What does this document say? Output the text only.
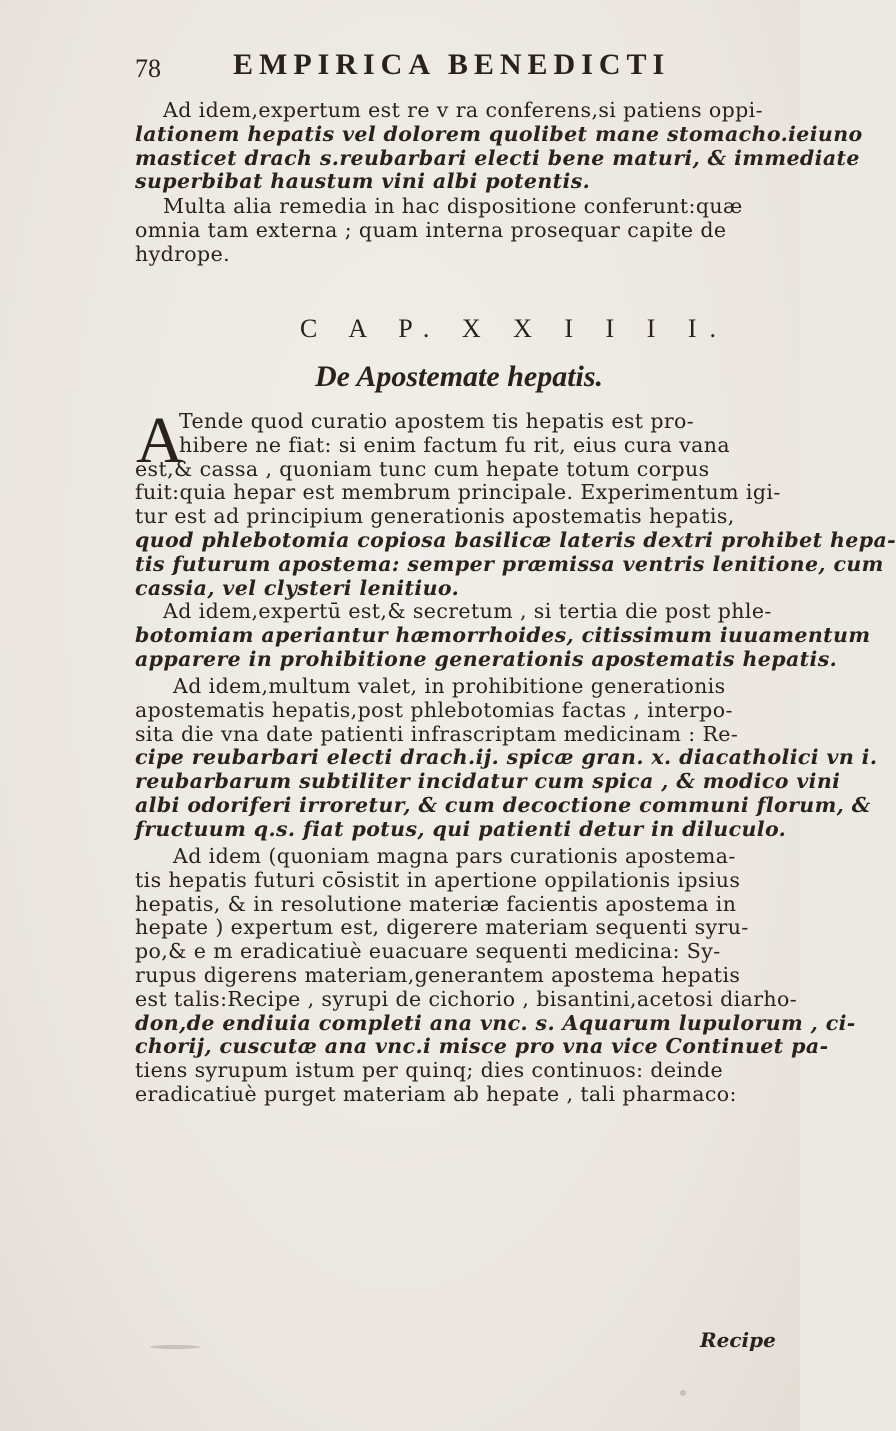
78 EMPIRICA BENEDICTI
Ad idem,expertum est re v ra conferens,si patiens oppi-
lationem hepatis vel dolorem quolibet mane stomacho.ieiuno
masticet drach s.reubarbari electi bene maturi, & immediate
superbibat haustum vini albi potentis.
Multa alia remedia in hac dispositione conferunt:quæ
omnia tam externa ; quam interna prosequar capite de
hydrope.
C A P. X X I I I I.
De Apostemate hepatis.
A
Tende quod curatio apostem tis hepatis est pro-
hibere ne fiat: si enim factum fu rit, eius cura vana
est,& cassa , quoniam tunc cum hepate totum corpus
fuit:quia hepar est membrum principale. Experimentum igi-
tur est ad principium generationis apostematis hepatis,
quod phlebotomia copiosa basilicæ lateris dextri prohibet hepa-
tis futurum apostema: semper præmissa ventris lenitione, cum
cassia, vel clysteri lenitiuo.
Ad idem,expertū est,& secretum , si tertia die post phle-
botomiam aperiantur hæmorrhoides, citissimum iuuamentum
apparere in prohibitione generationis apostematis hepatis.
Ad idem,multum valet, in prohibitione generationis
apostematis hepatis,post phlebotomias factas , interpo-
sita die vna date patienti infrascriptam medicinam : Re-
cipe reubarbari electi drach.ij. spicæ gran. x. diacatholici vn i.
reubarbarum subtiliter incidatur cum spica , & modico vini
albi odoriferi irroretur, & cum decoctione communi florum, &
fructuum q.s. fiat potus, qui patienti detur in diluculo.
Ad idem (quoniam magna pars curationis apostema-
tis hepatis futuri cōsistit in apertione oppilationis ipsius
hepatis, & in resolutione materiæ facientis apostema in
hepate ) expertum est, digerere materiam sequenti syru-
po,& e m eradicatiuè euacuare sequenti medicina: Sy-
rupus digerens materiam,generantem apostema hepatis
est talis:Recipe , syrupi de cichorio , bisantini,acetosi diarho-
don,de endiuia completi ana vnc. s. Aquarum lupulorum , ci-
chorij, cuscutæ ana vnc.i misce pro vna vice Continuet pa-
tiens syrupum istum per quinq; dies continuos: deinde
eradicatiuè purget materiam ab hepate , tali pharmaco:
Recipe
